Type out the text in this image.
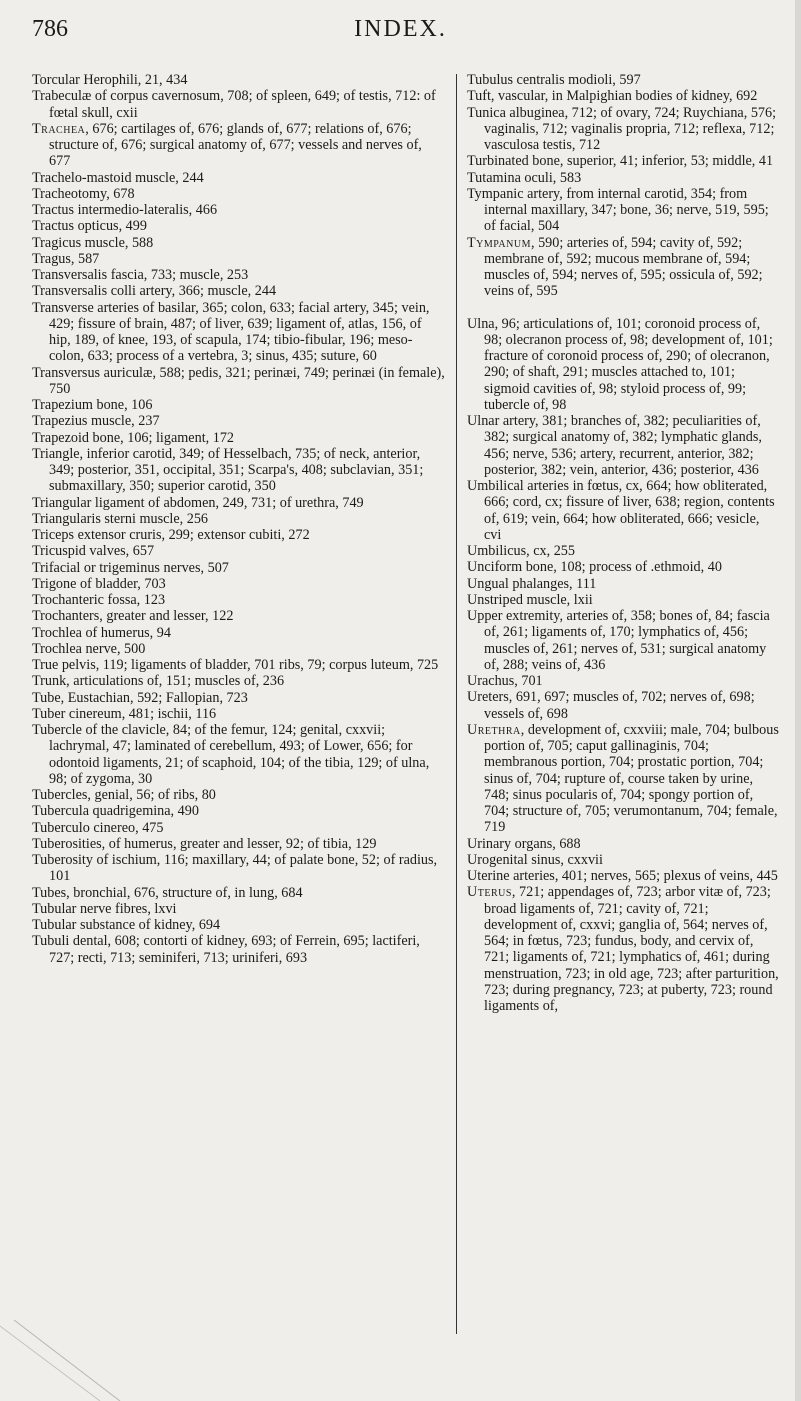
786	INDEX.

Torcular Herophili, 21, 434

Trabeculæ of corpus cavernosum, 708; of spleen, 649; of testis, 712: of fœtal skull, cxii

Trachea, 676; cartilages of, 676; glands of, 677; relations of, 676; structure of, 676; surgical anatomy of, 677; vessels and nerves of, 677

Trachelo-mastoid muscle, 244

Tracheotomy, 678

Tractus intermedio-lateralis, 466

Tractus opticus, 499

Tragicus muscle, 588

Tragus, 587

Transversalis fascia, 733; muscle, 253

Transversalis colli artery, 366; muscle, 244

Transverse arteries of basilar, 365; colon, 633; facial artery, 345; vein, 429; fissure of brain, 487; of liver, 639; ligament of, atlas, 156, of hip, 189, of knee, 193, of scapula, 174; tibio-fibular, 196; meso-colon, 633; process of a vertebra, 3; sinus, 435; suture, 60

Transversus auriculæ, 588; pedis, 321; perinæi, 749; perinæi (in female), 750

Trapezium bone, 106

Trapezius muscle, 237

Trapezoid bone, 106; ligament, 172

Triangle, inferior carotid, 349; of Hesselbach, 735; of neck, anterior, 349; posterior, 351, occipital, 351; Scarpa's, 408; subclavian, 351; submaxillary, 350; superior carotid, 350

Triangular ligament of abdomen, 249, 731; of urethra, 749

Triangularis sterni muscle, 256

Triceps extensor cruris, 299; extensor cubiti, 272

Tricuspid valves, 657

Trifacial or trigeminus nerves, 507

Trigone of bladder, 703

Trochanteric fossa, 123

Trochanters, greater and lesser, 122

Trochlea of humerus, 94

Trochlea nerve, 500

True pelvis, 119; ligaments of bladder, 701 ribs, 79; corpus luteum, 725

Trunk, articulations of, 151; muscles of, 236

Tube, Eustachian, 592; Fallopian, 723

Tuber cinereum, 481; ischii, 116

Tubercle of the clavicle, 84; of the femur, 124; genital, cxxvii; lachrymal, 47; laminated of cerebellum, 493; of Lower, 656; for odontoid ligaments, 21; of scaphoid, 104; of the tibia, 129; of ulna, 98; of zygoma, 30

Tubercles, genial, 56; of ribs, 80

Tubercula quadrigemina, 490

Tuberculo cinereo, 475

Tuberosities, of humerus, greater and lesser, 92; of tibia, 129

Tuberosity of ischium, 116; maxillary, 44; of palate bone, 52; of radius, 101

Tubes, bronchial, 676, structure of, in lung, 684

Tubular nerve fibres, lxvi

Tubular substance of kidney, 694

Tubuli dental, 608; contorti of kidney, 693; of Ferrein, 695; lactiferi, 727; recti, 713; seminiferi, 713; uriniferi, 693

Tubulus centralis modioli, 597

Tuft, vascular, in Malpighian bodies of kidney, 692

Tunica albuginea, 712; of ovary, 724; Ruychiana, 576; vaginalis, 712; vaginalis propria, 712; reflexa, 712; vasculosa testis, 712

Turbinated bone, superior, 41; inferior, 53; middle, 41

Tutamina oculi, 583

Tympanic artery, from internal carotid, 354; from internal maxillary, 347; bone, 36; nerve, 519, 595; of facial, 504

Tympanum, 590; arteries of, 594; cavity of, 592; membrane of, 592; mucous membrane of, 594; muscles of, 594; nerves of, 595; ossicula of, 592; veins of, 595

Ulna, 96; articulations of, 101; coronoid process of, 98; olecranon process of, 98; development of, 101; fracture of coronoid process of, 290; of olecranon, 290; of shaft, 291; muscles attached to, 101; sigmoid cavities of, 98; styloid process of, 99; tubercle of, 98

Ulnar artery, 381; branches of, 382; peculiarities of, 382; surgical anatomy of, 382; lymphatic glands, 456; nerve, 536; artery, recurrent, anterior, 382; posterior, 382; vein, anterior, 436; posterior, 436

Umbilical arteries in fœtus, cx, 664; how obliterated, 666; cord, cx; fissure of liver, 638; region, contents of, 619; vein, 664; how obliterated, 666; vesicle, cvi

Umbilicus, cx, 255

Unciform bone, 108; process of .ethmoid, 40

Ungual phalanges, 111

Unstriped muscle, lxii

Upper extremity, arteries of, 358; bones of, 84; fascia of, 261; ligaments of, 170; lymphatics of, 456; muscles of, 261; nerves of, 531; surgical anatomy of, 288; veins of, 436

Urachus, 701

Ureters, 691, 697; muscles of, 702; nerves of, 698; vessels of, 698

Urethra, development of, cxxviii; male, 704; bulbous portion of, 705; caput gallinaginis, 704; membranous portion, 704; prostatic portion, 704; sinus of, 704; rupture of, course taken by urine, 748; sinus pocularis of, 704; spongy portion of, 704; structure of, 705; verumontanum, 704; female, 719

Urinary organs, 688

Urogenital sinus, cxxvii

Uterine arteries, 401; nerves, 565; plexus of veins, 445

Uterus, 721; appendages of, 723; arbor vitæ of, 723; broad ligaments of, 721; cavity of, 721; development of, cxxvi; ganglia of, 564; nerves of, 564; in fœtus, 723; fundus, body, and cervix of, 721; ligaments of, 721; lymphatics of, 461; during menstruation, 723; in old age, 723; after parturition, 723; during pregnancy, 723; at puberty, 723; round ligaments of,
